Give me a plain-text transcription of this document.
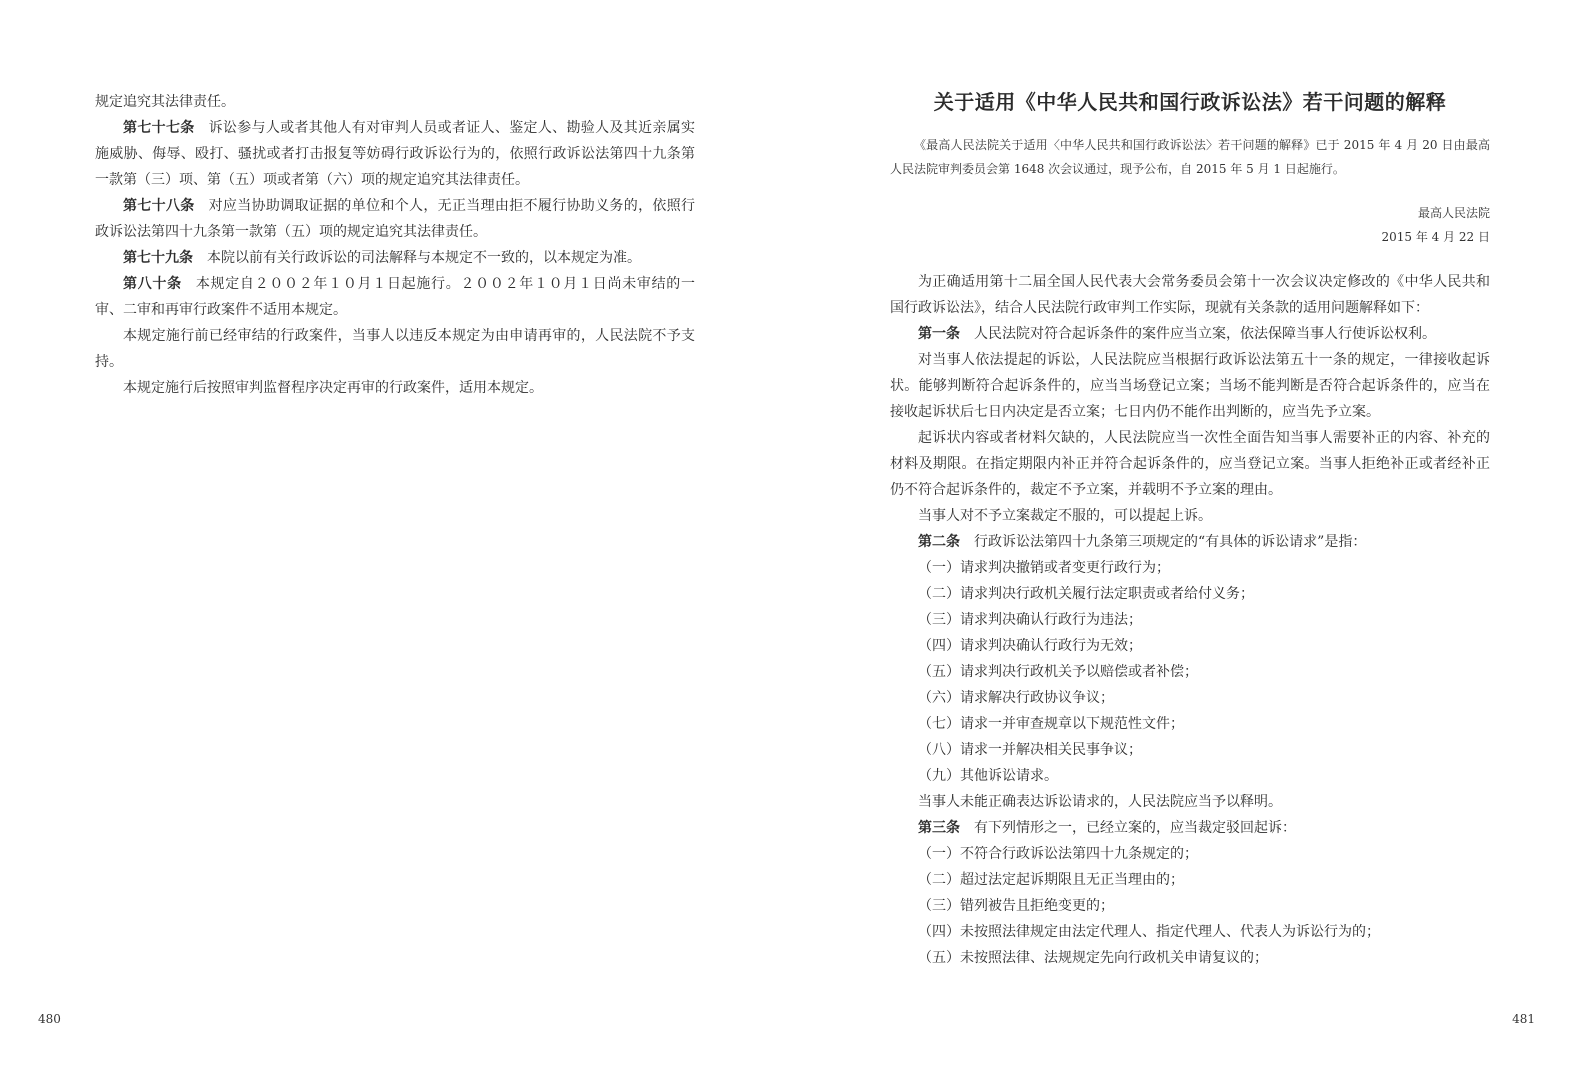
规定追究其法律责任。

第七十七条 诉讼参与人或者其他人有对审判人员或者证人、鉴定人、勘验人及其近亲属实施威胁、侮辱、殴打、骚扰或者打击报复等妨碍行政诉讼行为的，依照行政诉讼法第四十九条第一款第（三）项、第（五）项或者第（六）项的规定追究其法律责任。

第七十八条 对应当协助调取证据的单位和个人，无正当理由拒不履行协助义务的，依照行政诉讼法第四十九条第一款第（五）项的规定追究其法律责任。

第七十九条 本院以前有关行政诉讼的司法解释与本规定不一致的，以本规定为准。

第八十条 本规定自２００２年１０月１日起施行。２００２年１０月１日尚未审结的一审、二审和再审行政案件不适用本规定。

本规定施行前已经审结的行政案件，当事人以违反本规定为由申请再审的，人民法院不予支持。

本规定施行后按照审判监督程序决定再审的行政案件，适用本规定。

480
关于适用《中华人民共和国行政诉讼法》若干问题的解释

《最高人民法院关于适用〈中华人民共和国行政诉讼法〉若干问题的解释》已于 2015 年 4 月 20 日由最高人民法院审判委员会第 1648 次会议通过，现予公布，自 2015 年 5 月 1 日起施行。

最高人民法院

2015 年 4 月 22 日

为正确适用第十二届全国人民代表大会常务委员会第十一次会议决定修改的《中华人民共和国行政诉讼法》，结合人民法院行政审判工作实际，现就有关条款的适用问题解释如下：

第一条 人民法院对符合起诉条件的案件应当立案，依法保障当事人行使诉讼权利。

对当事人依法提起的诉讼，人民法院应当根据行政诉讼法第五十一条的规定，一律接收起诉状。能够判断符合起诉条件的，应当当场登记立案；当场不能判断是否符合起诉条件的，应当在接收起诉状后七日内决定是否立案；七日内仍不能作出判断的，应当先予立案。

起诉状内容或者材料欠缺的，人民法院应当一次性全面告知当事人需要补正的内容、补充的材料及期限。在指定期限内补正并符合起诉条件的，应当登记立案。当事人拒绝补正或者经补正仍不符合起诉条件的，裁定不予立案，并载明不予立案的理由。

当事人对不予立案裁定不服的，可以提起上诉。

第二条 行政诉讼法第四十九条第三项规定的“有具体的诉讼请求”是指：

（一）请求判决撤销或者变更行政行为；

（二）请求判决行政机关履行法定职责或者给付义务；

（三）请求判决确认行政行为违法；

（四）请求判决确认行政行为无效；

（五）请求判决行政机关予以赔偿或者补偿；

（六）请求解决行政协议争议；

（七）请求一并审查规章以下规范性文件；

（八）请求一并解决相关民事争议；

（九）其他诉讼请求。

当事人未能正确表达诉讼请求的，人民法院应当予以释明。

第三条 有下列情形之一，已经立案的，应当裁定驳回起诉：

（一）不符合行政诉讼法第四十九条规定的；

（二）超过法定起诉期限且无正当理由的；

（三）错列被告且拒绝变更的；

（四）未按照法律规定由法定代理人、指定代理人、代表人为诉讼行为的；

（五）未按照法律、法规规定先向行政机关申请复议的；

481
